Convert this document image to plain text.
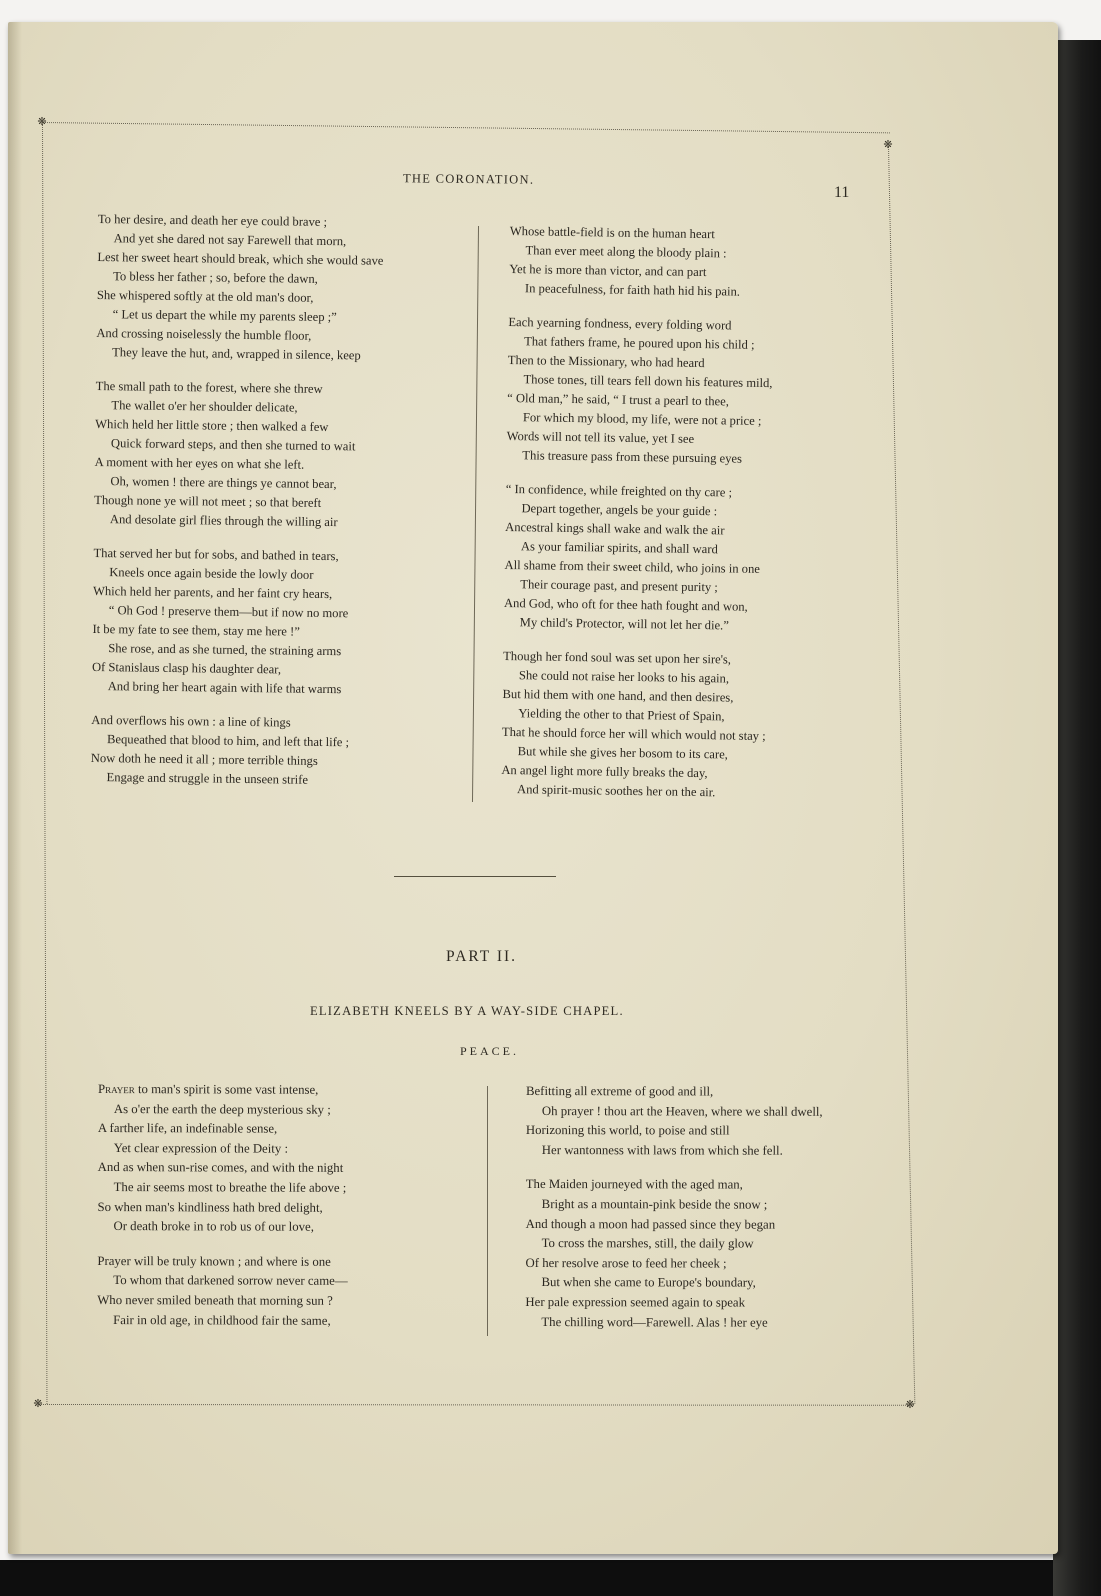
❋
❋
❋	❋
THE CORONATION.
11
To her desire, and death her eye could brave ;
And yet she dared not say Farewell that morn,
Lest her sweet heart should break, which she would save
To bless her father ; so, before the dawn,
She whispered softly at the old man's door,
“ Let us depart the while my parents sleep ;”
And crossing noiselessly the humble floor,
They leave the hut, and, wrapped in silence, keep
The small path to the forest, where she threw
The wallet o'er her shoulder delicate,
Which held her little store ; then walked a few
Quick forward steps, and then she turned to wait
A moment with her eyes on what she left.
Oh, women ! there are things ye cannot bear,
Though none ye will not meet ; so that bereft
And desolate girl flies through the willing air
That served her but for sobs, and bathed in tears,
Kneels once again beside the lowly door
Which held her parents, and her faint cry hears,
“ Oh God ! preserve them—but if now no more
It be my fate to see them, stay me here !”
She rose, and as she turned, the straining arms
Of Stanislaus clasp his daughter dear,
And bring her heart again with life that warms
And overflows his own : a line of kings
Bequeathed that blood to him, and left that life ;
Now doth he need it all ; more terrible things
Engage and struggle in the unseen strife
Whose battle-field is on the human heart
Than ever meet along the bloody plain :
Yet he is more than victor, and can part
In peacefulness, for faith hath hid his pain.
Each yearning fondness, every folding word
That fathers frame, he poured upon his child ;
Then to the Missionary, who had heard
Those tones, till tears fell down his features mild,
“ Old man,” he said, “ I trust a pearl to thee,
For which my blood, my life, were not a price ;
Words will not tell its value, yet I see
This treasure pass from these pursuing eyes
“ In confidence, while freighted on thy care ;
Depart together, angels be your guide :
Ancestral kings shall wake and walk the air
As your familiar spirits, and shall ward
All shame from their sweet child, who joins in one
Their courage past, and present purity ;
And God, who oft for thee hath fought and won,
My child's Protector, will not let her die.”
Though her fond soul was set upon her sire's,
She could not raise her looks to his again,
But hid them with one hand, and then desires,
Yielding the other to that Priest of Spain,
That he should force her will which would not stay ;
But while she gives her bosom to its care,
An angel light more fully breaks the day,
And spirit-music soothes her on the air.
PART II.
ELIZABETH KNEELS BY A WAY-SIDE CHAPEL.
PEACE.
Prayer to man's spirit is some vast intense,
As o'er the earth the deep mysterious sky ;
A farther life, an indefinable sense,
Yet clear expression of the Deity :
And as when sun-rise comes, and with the night
The air seems most to breathe the life above ;
So when man's kindliness hath bred delight,
Or death broke in to rob us of our love,
Prayer will be truly known ; and where is one
To whom that darkened sorrow never came—
Who never smiled beneath that morning sun ?
Fair in old age, in childhood fair the same,
Befitting all extreme of good and ill,
Oh prayer ! thou art the Heaven, where we shall dwell,
Horizoning this world, to poise and still
Her wantonness with laws from which she fell.
The Maiden journeyed with the aged man,
Bright as a mountain-pink beside the snow ;
And though a moon had passed since they began
To cross the marshes, still, the daily glow
Of her resolve arose to feed her cheek ;
But when she came to Europe's boundary,
Her pale expression seemed again to speak
The chilling word—Farewell. Alas ! her eye
